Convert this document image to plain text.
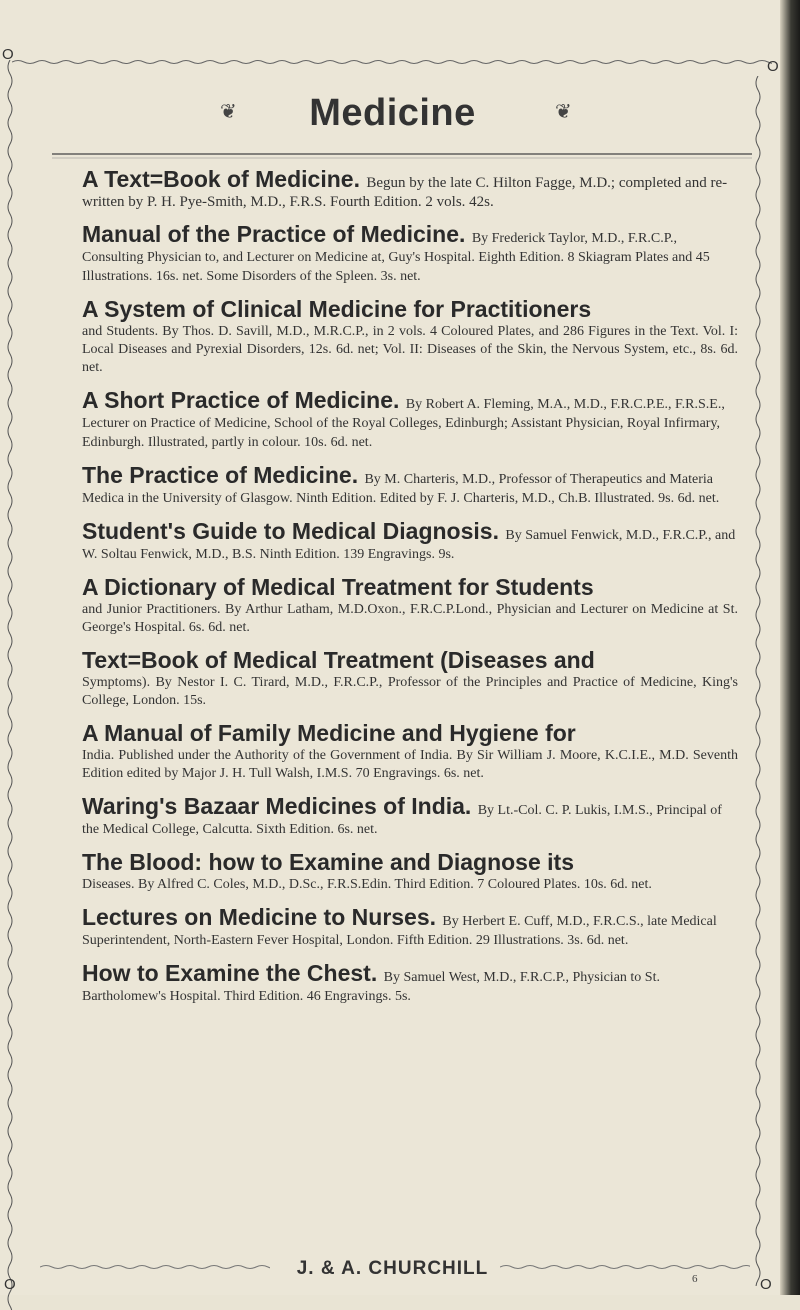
O
O
O	O
❦	Medicine	❦
A Text=Book of Medicine. Begun by the late C. Hilton Fagge, M.D.; completed and re-written by P. H. Pye-Smith, M.D., F.R.S. Fourth Edition. 2 vols. 42s.
Manual of the Practice of Medicine. By Frederick Taylor, M.D., F.R.C.P., Consulting Physician to, and Lecturer on Medicine at, Guy's Hospital. Eighth Edition. 8 Skiagram Plates and 45 Illustrations. 16s. net. Some Disorders of the Spleen. 3s. net.
A System of Clinical Medicine for Practitioners
and Students. By Thos. D. Savill, M.D., M.R.C.P., in 2 vols. 4 Coloured Plates, and 286 Figures in the Text. Vol. I: Local Diseases and Pyrexial Disorders, 12s. 6d. net; Vol. II: Diseases of the Skin, the Nervous System, etc., 8s. 6d. net.
A Short Practice of Medicine. By Robert A. Fleming, M.A., M.D., F.R.C.P.E., F.R.S.E., Lecturer on Practice of Medicine, School of the Royal Colleges, Edinburgh; Assistant Physician, Royal Infirmary, Edinburgh. Illustrated, partly in colour. 10s. 6d. net.
The Practice of Medicine. By M. Charteris, M.D., Professor of Therapeutics and Materia Medica in the University of Glasgow. Ninth Edition. Edited by F. J. Charteris, M.D., Ch.B. Illustrated. 9s. 6d. net.
Student's Guide to Medical Diagnosis. By Samuel Fenwick, M.D., F.R.C.P., and W. Soltau Fenwick, M.D., B.S. Ninth Edition. 139 Engravings. 9s.
A Dictionary of Medical Treatment for Students
and Junior Practitioners. By Arthur Latham, M.D.Oxon., F.R.C.P.Lond., Physician and Lecturer on Medicine at St. George's Hospital. 6s. 6d. net.
Text=Book of Medical Treatment (Diseases and
Symptoms). By Nestor I. C. Tirard, M.D., F.R.C.P., Professor of the Principles and Practice of Medicine, King's College, London. 15s.
A Manual of Family Medicine and Hygiene for
India. Published under the Authority of the Government of India. By Sir William J. Moore, K.C.I.E., M.D. Seventh Edition edited by Major J. H. Tull Walsh, I.M.S. 70 Engravings. 6s. net.
Waring's Bazaar Medicines of India. By Lt.-Col. C. P. Lukis, I.M.S., Principal of the Medical College, Calcutta. Sixth Edition. 6s. net.
The Blood: how to Examine and Diagnose its
Diseases. By Alfred C. Coles, M.D., D.Sc., F.R.S.Edin. Third Edition. 7 Coloured Plates. 10s. 6d. net.
Lectures on Medicine to Nurses. By Herbert E. Cuff, M.D., F.R.C.S., late Medical Superintendent, North-Eastern Fever Hospital, London. Fifth Edition. 29 Illustrations. 3s. 6d. net.
How to Examine the Chest. By Samuel West, M.D., F.R.C.P., Physician to St. Bartholomew's Hospital. Third Edition. 46 Engravings. 5s.
J. & A. CHURCHILL	6
